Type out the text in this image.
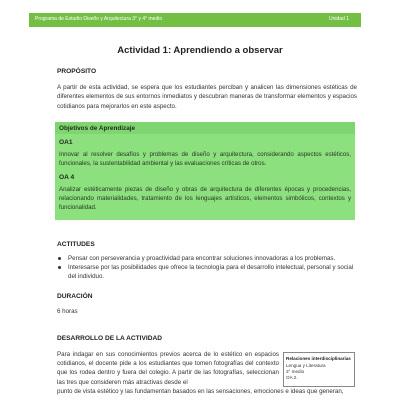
Programa de Estudio Diseño y Arquitectura 3° y 4° medio	Unidad 1
Actividad 1: Aprendiendo a observar
PROPÓSITO
A partir de esta actividad, se espera que los estudiantes perciban y analicen las dimensiones estéticas de diferentes elementos de sus entornos inmediatos y descubran maneras de transformar elementos y espacios cotidianos para mejorarlos en este aspecto.
Objetivos de Aprendizaje
OA1
Innovar al resolver desafíos y problemas de diseño y arquitectura, considerando aspectos estéticos, funcionales, la sustentabilidad ambiental y las evaluaciones críticas de otros.
OA 4
Analizar estéticamente piezas de diseño y obras de arquitectura de diferentes épocas y procedencias, relacionando materialidades, tratamiento de los lenguajes artísticos, elementos simbólicos, contextos y funcionalidad.
ACTITUDES
Pensar con perseverancia y proactividad para encontrar soluciones innovadoras a los problemas.
Interesarse por las posibilidades que ofrece la tecnología para el desarrollo intelectual, personal y social del individuo.
DURACIÓN
6 horas
DESARROLLO DE LA ACTIVIDAD
Para indagar en sus conocimientos previos acerca de lo estético en espacios cotidianos, el docente pide a los estudiantes que tomen fotografías del contexto que los rodea dentro y fuera del colegio. A partir de las fotografías, seleccionan las tres que consideren más atractivas desde el
Relaciones interdisciplinarias
Lengua y Literatura
3° medio
OA 2.
punto de vista estético y las fundamentan basados en las sensaciones, emociones e ideas que generan,
